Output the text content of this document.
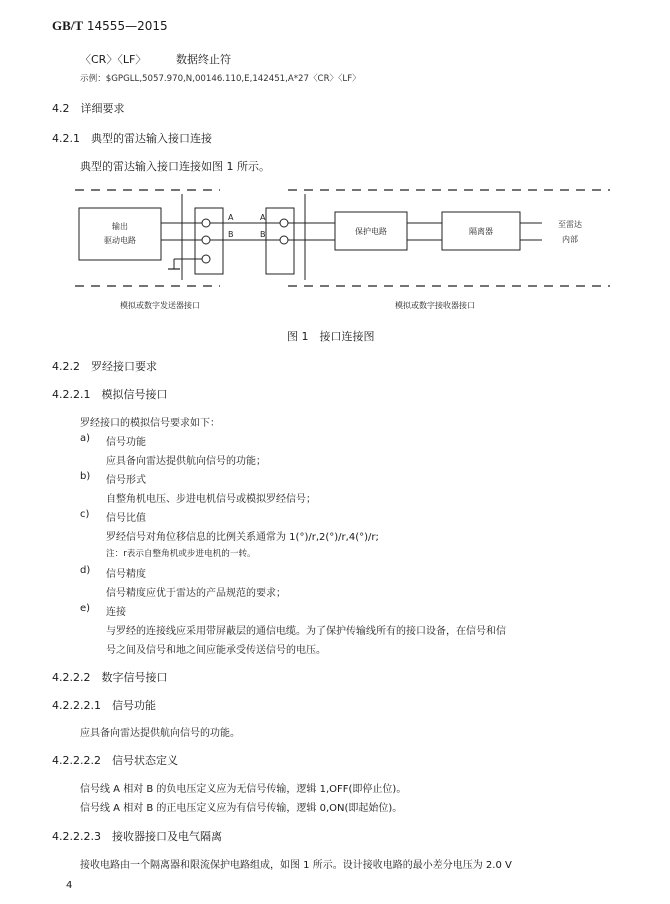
GB/T 14555—2015
〈CR〉〈LF〉	数据终止符
示例：$GPGLL,5057.970,N,00146.110,E,142451,A*27〈CR〉〈LF〉
4.2　详细要求
4.2.1　典型的雷达输入接口连接
典型的雷达输入接口连接如图 1 所示。
输出
驱动电路
A
B
A
B	保护电路	隔离器
至雷达
内部
模拟或数字发送器接口	模拟或数字接收器接口
图 1　接口连接图
4.2.2　罗经接口要求
4.2.2.1　模拟信号接口
罗经接口的模拟信号要求如下：
a) 信号功能
应具备向雷达提供航向信号的功能；
b) 信号形式
自整角机电压、步进电机信号或模拟罗经信号；
c) 信号比值
罗经信号对角位移信息的比例关系通常为 1(°)/r,2(°)/r,4(°)/r;
注：r表示自整角机或步进电机的一转。
d) 信号精度
信号精度应优于雷达的产品规范的要求；
e) 连接
与罗经的连接线应采用带屏蔽层的通信电缆。为了保护传输线所有的接口设备，在信号和信
号之间及信号和地之间应能承受传送信号的电压。
4.2.2.2　数字信号接口
4.2.2.2.1　信号功能
应具备向雷达提供航向信号的功能。
4.2.2.2.2　信号状态定义
信号线 A 相对 B 的负电压定义应为无信号传输，逻辑 1,OFF(即停止位)。
信号线 A 相对 B 的正电压定义应为有信号传输，逻辑 0,ON(即起始位)。
4.2.2.2.3　接收器接口及电气隔离
接收电路由一个隔离器和限流保护电路组成，如图 1 所示。设计接收电路的最小差分电压为 2.0 V
4
